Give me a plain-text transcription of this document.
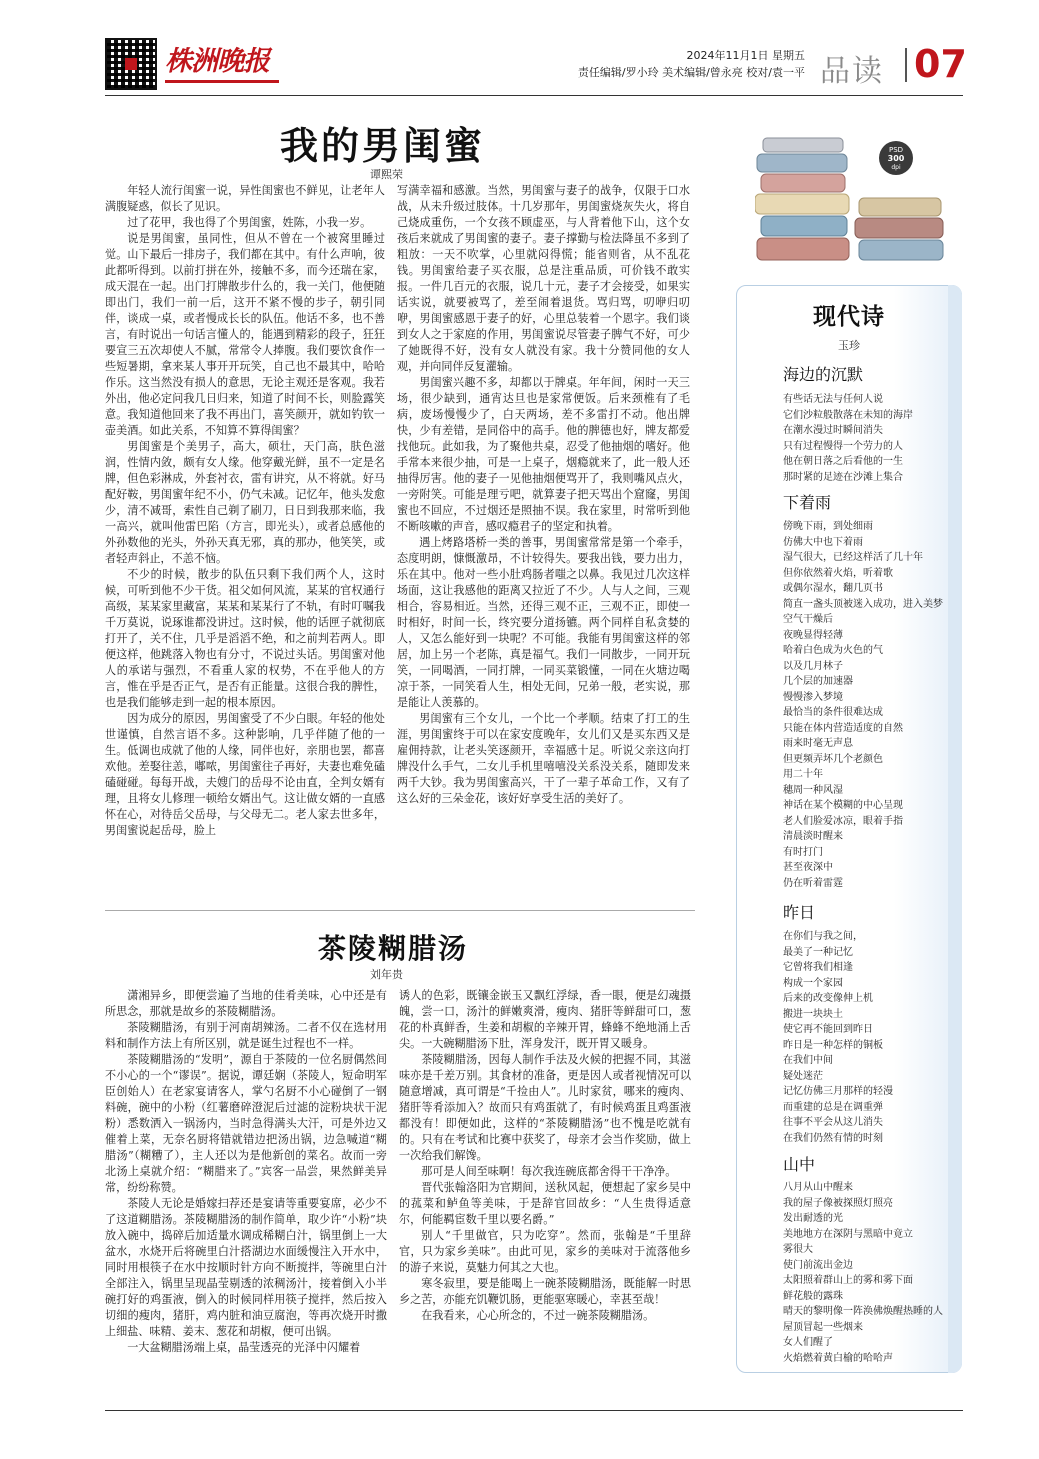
株洲晚报	2024年11月1日 星期五
责任编辑/罗小玲 美术编辑/曾永亮 校对/袁一平 品读 07
我的男闺蜜
谭熙荣

年轻人流行闺蜜一说，异性闺蜜也不鲜见，让老年人满腹疑惑，似长了见识。

过了花甲，我也得了个男闺蜜，姓陈，小我一岁。

说是男闺蜜，虽同性，但从不曾在一个被窝里睡过觉。山下最后一排房子，我们都在其中。有什么声响，彼此都听得到。以前打拼在外，接触不多，而今还瑞在家，成天混在一起。出门打牌散步什么的，我一关门，他便随即出门，我们一前一后，这开不紧不慢的步子，朝引同伴，谈成一桌，或者慢成长长的队伍。他话不多，也不善言，有时说出一句话言懂人的，能遇到精彩的段子，狂狂要宣三五次却使人不腻，常常令人捧腹。我们要饮食作一些短暑期，拿来某人事开开玩笑，自己也不最其中，哈哈作乐。这当然没有损人的意思，无论主观还是客观。我若外出，他必定问我几日归来，知道了时间不长，则脸露笑意。我知道他回来了我不再出门，喜笑颜开，就如钓钦一壶美酒。如此关系，不知算不算得闺蜜？

男闺蜜是个美男子，高大，硕壮，天门高，肤色滋润，性情内敛，颇有女人缘。他穿戴光鲜，虽不一定是名牌，但色彩淋成，外套衬衣，雷有讲究，从不将就。好马配好鞍，男闺蜜年纪不小，仍气未减。记忆年，他头发愈少，清不减哥，索性自己剃了刷刀，日日到我那来临，我一高兴，就叫他雷巴陷（方言，即光头），或者总感他的外孙数他的光头，外孙天真无邪，真的那办，他笑笑，或者轻声斜止，不恙不恼。

不少的时候，散步的队伍只剩下我们两个人，这时候，可听到他不少干货。祖父如何风流，某某的官权通行高级，某某家里藏富，某某和某某行了不轨，有时叮嘱我千万莫说，说琢谁都没讲过。这时候，他的话匣子就彻底打开了，关不住，几乎是滔滔不绝，和之前判若两人。即便这样，他跳落入物也有分寸，不说过头话。男闺蜜对他人的承诺与强烈，不看重人家的权势，不在乎他人的方言，惟在乎是否正气，是否有正能量。这很合我的脾性，也是我们能够走到一起的根本原因。

因为成分的原因，男闺蜜受了不少白眼。年轻的他处世谨慎，自然言语不多。这种影响，几乎伴随了他的一生。低调也成就了他的人缘，同伴也好，亲朋也罢，都喜欢他。差娶往恙，嘟哝，男闺蜜往子再好，夫妻也难免磕磕碰碰。每每开战，夫嫂门的岳母不论由直，全判女婿有理，且将女儿修理一顿给女婿出气。这让做女婿的一直感怀在心，对待岳父岳母，与父母无二。老人家去世多年，男闺蜜说起岳母，脸上

写满幸福和感激。当然，男闺蜜与妻子的战争，仅限于口水战，从未升级过肢体。十几岁那年，男闺蜜烧灰失火，将自己烧成重伤，一个女孩不顾虚巫，与人背着他下山，这个女孩后来就成了男闺蜜的妻子。妻子撑勤与检法降虽不多到了粗放：一天不吹掌，心里就闷得慌；能省则省，从不乱花钱。男闺蜜给妻子买衣服，总是注重品质，可价钱不敢实报。一件几百元的衣服，说几十元，妻子才会接受，如果实话实说，就要被骂了，差至闹着退货。骂归骂，叨咿归叨咿，男闺蜜感恩于妻子的好，心里总装着一个恩字。我们谈到女人之于家庭的作用，男闺蜜说尽管妻子脾气不好，可少了她既得不好，没有女人就没有家。我十分赞同他的女人观，并向同伴反复灌输。

男闺蜜兴趣不多，却都以于牌桌。年年间，闲时一天三场，很少缺到，通宵达旦也是家常便饭。后来颈椎有了毛病，废场慢慢少了，白天两场，差不多雷打不动。他出牌快，少有差错，是同俗中的高手。他的脾德也好，牌友都爱找他玩。此如我，为了聚他共桌，忍受了他抽烟的嗜好。他手常本来很少抽，可是一上桌子，烟瘾就来了，此一般人还抽得厉害。他的妻子一见他抽烟便骂开了，我则嘴风点火，一旁附笑。可能是理亏吧，就算妻子把天骂出个窟窿，男闺蜜也不回应，不过烟还是照抽不误。我在家里，时常听到他不断咳嗽的声音，感叹瘾君子的坚定和执着。

遇上烤路塔桥一类的善事，男闺蜜常常是第一个牵手，态度明朗，慷慨激昂，不计较得失。要我出钱，要力出力，乐在其中。他对一些小肚鸡肠者嗤之以鼻。我见过几次这样场面，这让我感他的距离又拉近了不少。人与人之间，三观相合，容易相近。当然，还得三观不正，三观不正，即使一时相好，时间一长，终究要分道扬镳。两个同样自私贪婪的人，又怎么能好到一块呢？不可能。我能有男闺蜜这样的邻居，加上另一个老陈，真是福气。我们一同散步，一同开玩笑，一同喝酒，一同打牌，一同买菜锻懂，一同在火塘边喝凉于茶，一同笑看人生，相处无间，兄弟一般，老实说，那是能让人羡慕的。

男闺蜜有三个女儿，一个比一个孝顺。结束了打工的生涯，男闺蜜终于可以在家安度晚年，女儿们又是买东西又是雇佣持款，让老头笑逐颜开，幸福感十足。听说父亲这向打牌没什么手气，二女儿手机里嘻嘻没关系没关系，随即发来两千大钞。我为男闺蜜高兴，干了一辈子革命工作，又有了这么好的三朵金花，该好好享受生活的美好了。

茶陵糊腊汤
刘年贵

潇湘异乡，即便尝遍了当地的佳肴美味，心中还是有所思念，那就是故乡的茶陵糊腊汤。

茶陵糊腊汤，有别于河南胡辣汤。二者不仅在选材用料和制作方法上有所区别，就是诞生过程也不一样。

茶陵糊腊汤的“发明”，源自于茶陵的一位名厨偶然间不小心的一个“谬误”。据说，谭廷娴（茶陵人，短命明军臣创始人）在老家宴请客人，掌勺名厨不小心碰倒了一钢料碗，碗中的小粉（红薯磨碎澄泥后过滤的淀粉块状干泥粉）悉数洒入一锅汤内，当时急得满头大汗，可是外边又催着上菜，无奈名厨将错就错边把汤出锅，边急喊道“糊腊汤”（糊糟了），主人还以为是他新创的菜名。故而一旁北汤上桌就介绍：“糊腊来了。”宾客一品尝，果然鲜美异常，纷纷称赞。

茶陵人无论是婚嫁扫荐还是宴请等重要宴席，必少不了这道糊腊汤。茶陵糊腊汤的制作简单，取少许“小粉”块放入碗中，捣碎后加适量水调成稀糊白汁，锅里倒上一大盆水，水烧开后将碗里白汁搭湖边水面缓慢注入开水中，同时用根筷子在水中按顺时针方向不断搅拌，等碗里白汁全部注入，锅里呈现晶莹剔透的浓稠汤汁，接着倒入小半碗打好的鸡蛋液，倒入的时候同样用筷子搅拌，然后按入切细的瘦肉，猪肝，鸡内脏和油豆腐泡，等再次烧开时撒上细盐、味精、姜末、葱花和胡椒，便可出锅。

一大盆糊腊汤端上桌，晶莹透亮的光泽中闪耀着

诱人的色彩，既镶金嵌玉又飘红浮绿，香一眼，便是幻魂摄魄，尝一口，汤汁的鲜嫩爽滑，瘦肉、猪肝等鲜甜可口，葱花的朴真鲜香，生姜和胡椒的辛辣开胃，蜂蜂不绝地涌上舌尖。一大碗糊腊汤下肚，浑身发汗，既开胃又暖身。

茶陵糊腊汤，因每人制作手法及火候的把握不同，其滋味亦是千差万别。其食材的准备，更是因人或者视情况可以随意增减，真可谓是“千捡由人”。儿时家贫，哪来的瘦肉、猪肝等肴添加入？故而只有鸡蛋就了，有时候鸡蛋且鸡蛋液都没有！即便如此，这样的“茶陵糊腊汤”也不愧是吃就有的。只有在考试和比赛中获奖了，母亲才会当作奖励，做上一次给我们解馋。

那可是人间至味啊！每次我连碗底都舍得干干净净。

晋代张翰洛阳为官期间，送秋风起，便想起了家乡吴中的菰菜和鲈鱼等美味，于是辞官回故乡：“人生贵得适意尔，何能羁宦数千里以要名爵。”

别人“千里做官，只为吃穿”。然而，张翰是“千里辞官，只为家乡美味”。由此可见，家乡的美味对于流落他乡的游子来说，莫魅力何其之大也。

寒冬寂里，要是能喝上一碗茶陵糊腊汤，既能解一时思乡之苦，亦能充饥鞭饥肠，更能驱寒暖心，幸甚至哉！

在我看来，心心所念的，不过一碗茶陵糊腊汤。

PSD
300
dpi
现代诗
玉珍
海边的沉默
有些话无法与任何人说
它们沙粒般散落在未知的海岸
在潮水漫过时瞬间消失
只有过程慢得一个劳力的人
他在朝日落之后看他的一生
那时紧的足迹在沙滩上集合
下着雨
傍晚下雨，到处细雨
仿佛大中也下着雨
湿气很大，已经这样活了几十年
但你依然着火焰，听着歌
或偶尔湿水，翻几页书
简直一盏头顶被迷入成功，进入美梦
空气干燥后
夜晚显得轻薄
哈着白色成为火色的气
以及几月林子
几个层的加速器
慢慢渗入梦境
最恰当的条件很难达成
只能在体内营造适度的自然
雨来时毫无声息
但更频弄坏几个老颜色
用二十年
穗周一种风湿
神话在某个模糊的中心呈现
老人们脸爱冰凉，眼着手指
清晨淡时醒来
有时打门
甚至夜深中
仍在听着雷霆
昨日
在你们与我之间，
最美了一种记忆
它曾将我们相逢
构成一个家园
后来的改变像伸上机
搬进一块块土
使它再不能回到昨日
昨日是一种怎样的铜板
在我们中间
疑处迷茫
记忆仿佛三月那样的轻漫
而重建的总是在调重弹
往事不平会从这儿消失
在我们仍然有情的时刻
山中
八月从山中醒来
我的屋子像被探照灯照亮
发出耐透的光
美地地方在深阴与黑暗中竟立
雾很大
使门前流出金边
太阳照着群山上的雾和雾下面
鲜花般的露珠
晴天的黎明像一阵涣佛焕醒热睡的人
屋顶冒起一些烟来
女人们醒了
火焰燃着黄白榆的哈哈声
